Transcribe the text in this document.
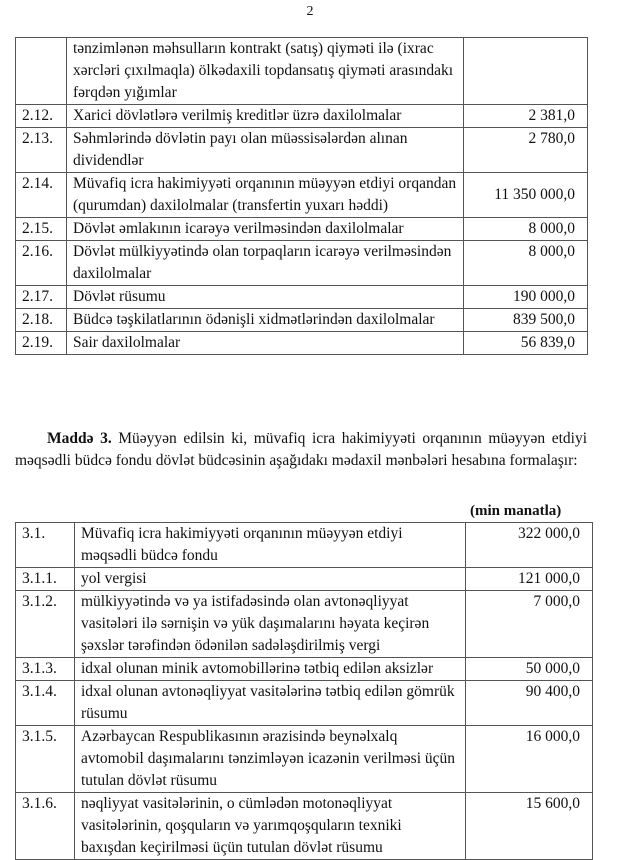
2
	tənzimlənən məhsulların kontrakt (satış) qiyməti ilə (ixrac xərcləri çıxılmaqla) ölkədaxili topdansatış qiyməti arasındakı fərqdən yığımlar	
2.12.	Xarici dövlətlərə verilmiş kreditlər üzrə daxilolmalar	2 381,0
2.13.	Səhmlərində dövlətin payı olan müəssisələrdən alınan dividendlər	2 780,0
2.14.	Müvafiq icra hakimiyyəti orqanının müəyyən etdiyi orqandan (qurumdan) daxilolmalar (transfertin yuxarı həddi)	11 350 000,0
2.15.	Dövlət əmlakının icarəyə verilməsindən daxilolmalar	8 000,0
2.16.	Dövlət mülkiyyətində olan torpaqların icarəyə verilməsindən daxilolmalar	8 000,0
2.17.	Dövlət rüsumu	190 000,0
2.18.	Büdcə təşkilatlarının ödənişli xidmətlərindən daxilolmalar	839 500,0
2.19.	Sair daxilolmalar	56 839,0
Maddə 3. Müəyyən edilsin ki, müvafiq icra hakimiyyəti orqanının müəyyən etdiyi məqsədli büdcə fondu dövlət büdcəsinin aşağıdakı mədaxil mənbələri hesabına formalaşır:
(min manatla)
3.1.	Müvafiq icra hakimiyyəti orqanının müəyyən etdiyi məqsədli büdcə fondu	322 000,0
3.1.1.	yol vergisi	121 000,0
3.1.2.	mülkiyyətində və ya istifadəsində olan avtonəqliyyat vasitələri ilə sərnişin və yük daşımalarını həyata keçirən şəxslər tərəfindən ödənilən sadələşdirilmiş vergi	7 000,0
3.1.3.	idxal olunan minik avtomobillərinə tətbiq edilən aksizlər	50 000,0
3.1.4.	idxal olunan avtonəqliyyat vasitələrinə tətbiq edilən gömrük rüsumu	90 400,0
3.1.5.	Azərbaycan Respublikasının ərazisində beynəlxalq avtomobil daşımalarını tənzimləyən icazənin verilməsi üçün tutulan dövlət rüsumu	16 000,0
3.1.6.	nəqliyyat vasitələrinin, o cümlədən motonəqliyyat vasitələrinin, qoşquların və yarımqoşquların texniki baxışdan keçirilməsi üçün tutulan dövlət rüsumu	15 600,0
